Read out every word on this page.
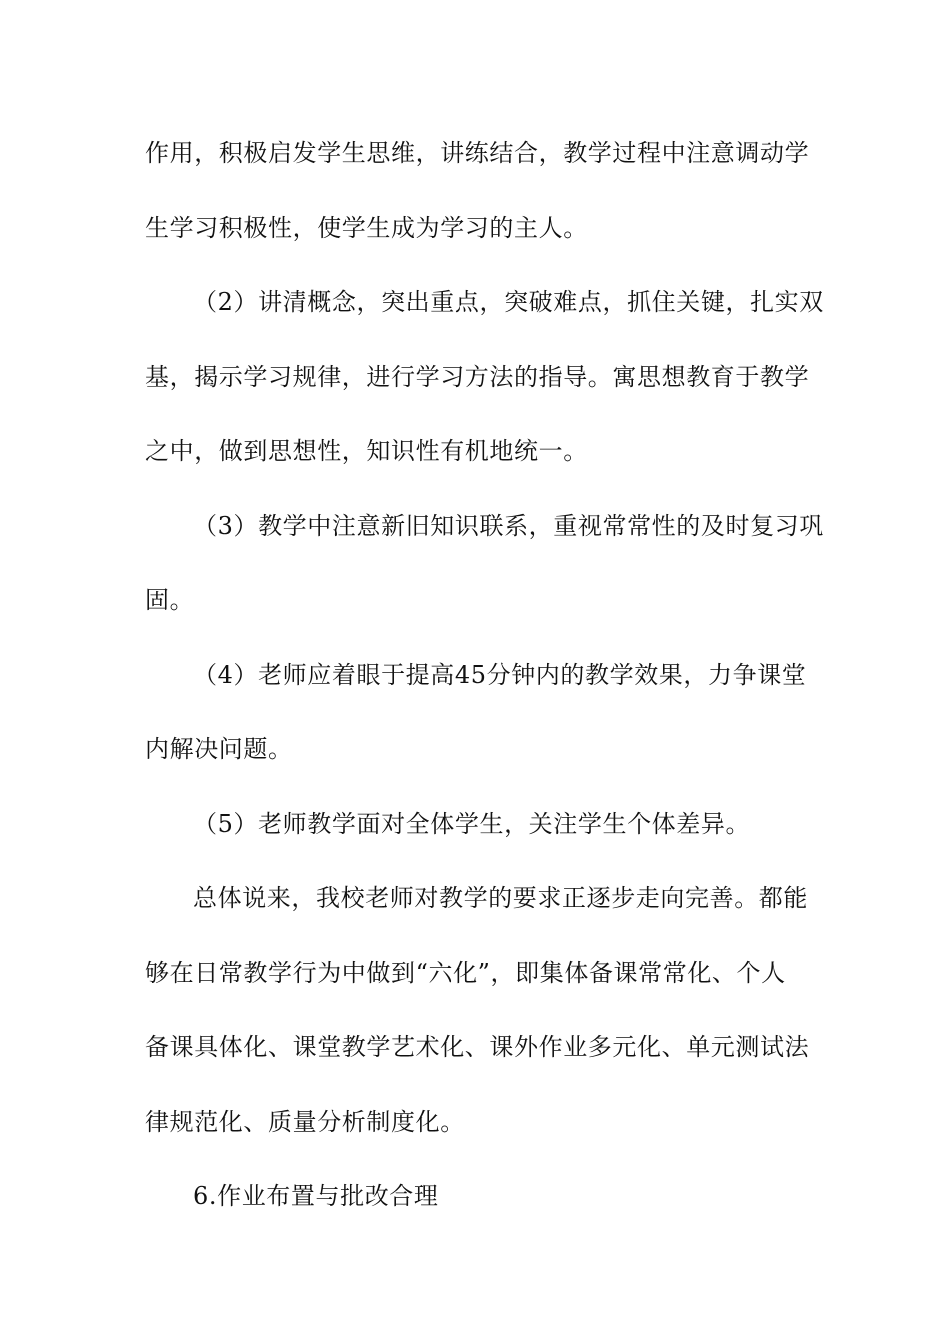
作用，积极启发学生思维，讲练结合，教学过程中注意调动学
生学习积极性，使学生成为学习的主人。
（2）讲清概念，突出重点，突破难点，抓住关键，扎实双
基，揭示学习规律，进行学习方法的指导。寓思想教育于教学
之中，做到思想性，知识性有机地统一。
（3）教学中注意新旧知识联系，重视常常性的及时复习巩
固。
（4）老师应着眼于提高45分钟内的教学效果，力争课堂
内解决问题。
（5）老师教学面对全体学生，关注学生个体差异。
总体说来，我校老师对教学的要求正逐步走向完善。都能
够在日常教学行为中做到“六化”，即集体备课常常化、个人
备课具体化、课堂教学艺术化、课外作业多元化、单元测试法
律规范化、质量分析制度化。
6.作业布置与批改合理
